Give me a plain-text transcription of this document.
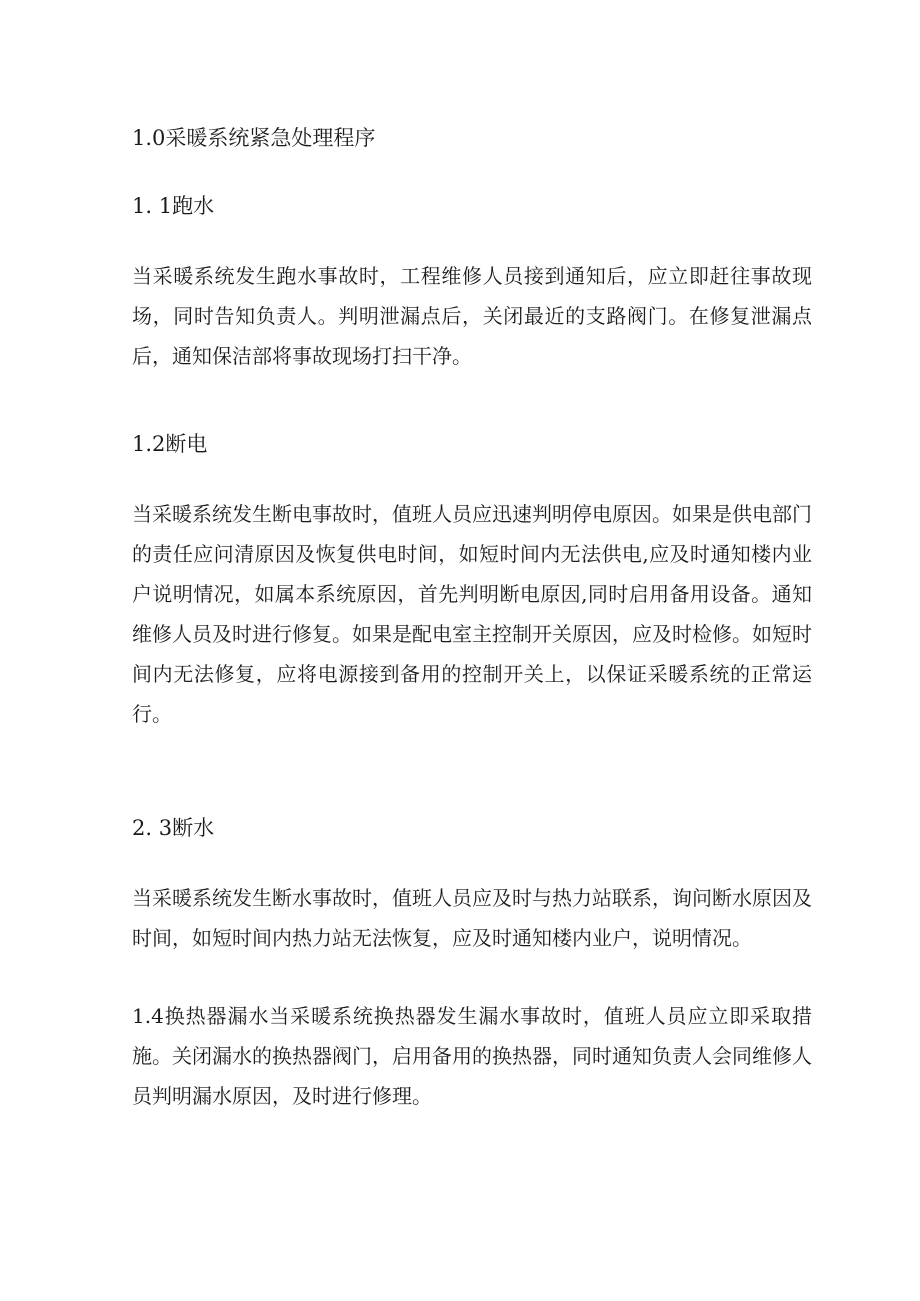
1.0采暖系统紧急处理程序

1. 1跑水

当采暖系统发生跑水事故时，工程维修人员接到通知后，应立即赶往事故现场，同时告知负责人。判明泄漏点后，关闭最近的支路阀门。在修复泄漏点后，通知保洁部将事故现场打扫干净。

1.2断电

当采暖系统发生断电事故时，值班人员应迅速判明停电原因。如果是供电部门的责任应问清原因及恢复供电时间，如短时间内无法供电,应及时通知楼内业户说明情况，如属本系统原因，首先判明断电原因,同时启用备用设备。通知维修人员及时进行修复。如果是配电室主控制开关原因，应及时检修。如短时间内无法修复，应将电源接到备用的控制开关上，以保证采暖系统的正常运行。

2. 3断水

当采暖系统发生断水事故时，值班人员应及时与热力站联系，询问断水原因及时间，如短时间内热力站无法恢复，应及时通知楼内业户，说明情况。

1.4换热器漏水当采暖系统换热器发生漏水事故时，值班人员应立即采取措施。关闭漏水的换热器阀门，启用备用的换热器，同时通知负责人会同维修人员判明漏水原因，及时进行修理。
